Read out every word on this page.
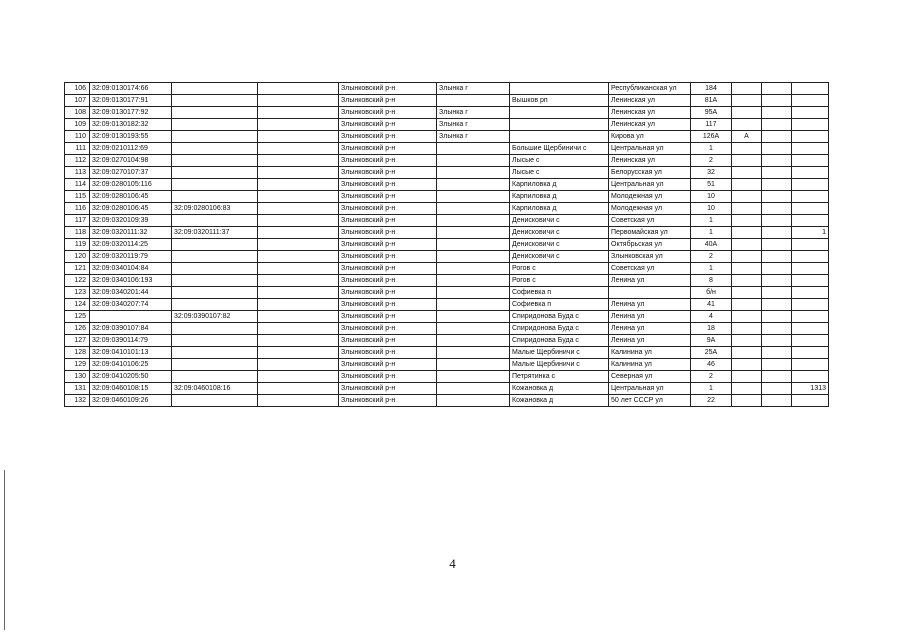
106	32:09:0130174:66			Злынковский р-н	Злынка г		Республиканская ул	184			
107	32:09:0130177:91			Злынковский р-н		Вышков рп	Ленинская ул	81А			
108	32:09:0130177:92			Злынковский р-н	Злынка г		Ленинская ул	95А			
109	32:09:0130182:32			Злынковский р-н	Злынка г		Ленинская ул	117			
110	32:09:0130193:55			Злынковский р-н	Злынка г		Кирова ул	126А	А		
111	32:09:0210112:69			Злынковский р-н		Большие Щербиничи с	Центральная ул	1			
112	32:09:0270104:98			Злынковский р-н		Лысые с	Ленинская ул	2			
113	32:09:0270107:37			Злынковский р-н		Лысые с	Белорусская ул	32			
114	32:09:0280105:116			Злынковский р-н		Карпиловка д	Центральная ул	51			
115	32:09:0280106:45			Злынковский р-н		Карпиловка д	Молодежная ул	10			
116	32:09:0280106:45	32:09:0280106:83		Злынковский р-н		Карпиловка д	Молодежная ул	10			
117	32:09:0320109:39			Злынковский р-н		Денисковичи с	Советская ул	1			
118	32:09:0320111:32	32:09:0320111:37		Злынковский р-н		Денисковичи с	Первомайская ул	1			1
119	32:09:0320114:25			Злынковский р-н		Денисковичи с	Октябрьская ул	40А			
120	32:09:0320119:79			Злынковский р-н		Денисковичи с	Злынковская ул	2			
121	32:09:0340104:84			Злынковский р-н		Рогов с	Советская ул	1			
122	32:09:0340106:193			Злынковский р-н		Рогов с	Ленина ул	8			
123	32:09:0340201:44			Злынковский р-н		Софиевка п		б/н			
124	32:09:0340207:74			Злынковский р-н		Софиевка п	Ленина ул	41			
125		32:09:0390107:82		Злынковский р-н		Спиридонова Буда с	Ленина ул	4			
126	32:09:0390107:84			Злынковский р-н		Спиридонова Буда с	Ленина ул	18			
127	32:09:0390114:79			Злынковский р-н		Спиридонова Буда с	Ленина ул	9А			
128	32:09:0410101:13			Злынковский р-н		Малые Щербиничи с	Калинина ул	25А			
129	32:09:0410106:25			Злынковский р-н		Малые Щербиничи с	Калинина ул	46			
130	32:09:0410205:50			Злынковский р-н		Петрятинка с	Северная ул	2			
131	32:09:0460108:15	32:09:0460108:16		Злынковский р-н		Кожановка д	Центральная ул	1			1313
132	32:09:0460109:26			Злынковский р-н		Кожановка д	50 лет СССР ул	22			
4
